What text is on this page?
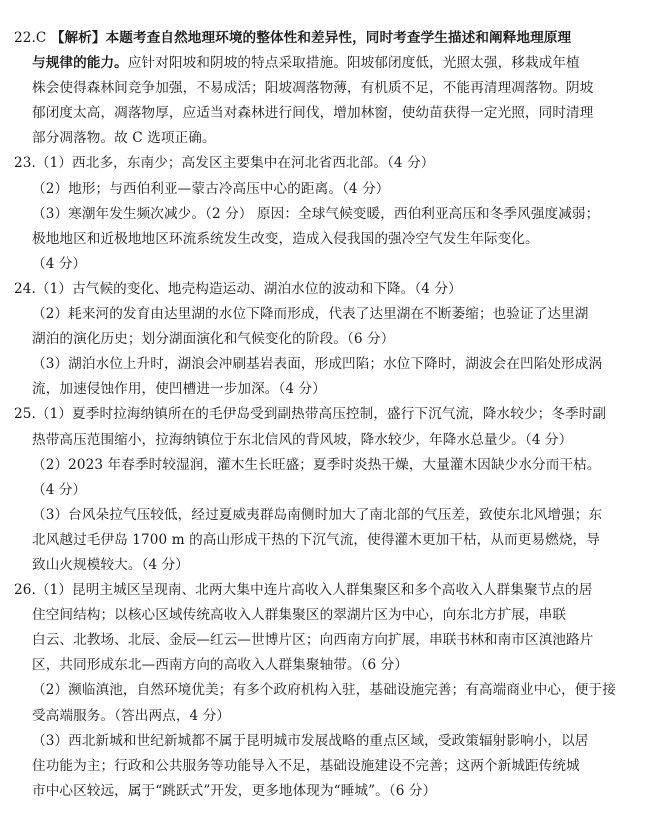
22.C 【解析】本题考查自然地理环境的整体性和差异性，同时考查学生描述和阐释地理原理
与规律的能力。应针对阳坡和阴坡的特点采取措施。阳坡郁闭度低，光照太强，移栽成年植
株会使得森林间竞争加强，不易成活；阳坡凋落物薄，有机质不足，不能再清理凋落物。阴坡
郁闭度太高，凋落物厚，应适当对森林进行间伐，增加林窗，使幼苗获得一定光照，同时清理
部分凋落物。故 C 选项正确。
23.（1）西北多，东南少；高发区主要集中在河北省西北部。（4 分）
（2）地形；与西伯利亚—蒙古冷高压中心的距离。（4 分）
（3）寒潮年发生频次减少。（2 分） 原因：全球气候变暖，西伯利亚高压和冬季风强度减弱；
极地地区和近极地地区环流系统发生改变，造成入侵我国的强冷空气发生年际变化。
（4 分）
24.（1）古气候的变化、地壳构造运动、湖泊水位的波动和下降。（4 分）
（2）耗来河的发育由达里湖的水位下降而形成，代表了达里湖在不断萎缩；也验证了达里湖
湖泊的演化历史；划分湖面演化和气候变化的阶段。（6 分）
（3）湖泊水位上升时，湖浪会冲刷基岩表面，形成凹陷；水位下降时，湖波会在凹陷处形成涡
流，加速侵蚀作用，使凹槽进一步加深。（4 分）
25.（1）夏季时拉海纳镇所在的毛伊岛受到副热带高压控制，盛行下沉气流，降水较少；冬季时副
热带高压范围缩小，拉海纳镇位于东北信风的背风坡，降水较少，年降水总量少。（4 分）
（2）2023 年春季时较湿润，灌木生长旺盛；夏季时炎热干燥，大量灌木因缺少水分而干枯。
（4 分）
（3）台风朵拉气压较低，经过夏威夷群岛南侧时加大了南北部的气压差，致使东北风增强；东
北风越过毛伊岛 1700 m 的高山形成干热的下沉气流，使得灌木更加干枯，从而更易燃烧，导
致山火规模较大。（4 分）
26.（1）昆明主城区呈现南、北两大集中连片高收入人群集聚区和多个高收入人群集聚节点的居
住空间结构；以核心区域传统高收入人群集聚区的翠湖片区为中心，向东北方扩展，串联
白云、北教场、北辰、金辰—红云—世博片区；向西南方向扩展，串联书林和南市区滇池路片
区，共同形成东北—西南方向的高收入人群集聚轴带。（6 分）
（2）濒临滇池，自然环境优美；有多个政府机构入驻，基础设施完善；有高端商业中心，便于接
受高端服务。（答出两点，4 分）
（3）西北新城和世纪新城都不属于昆明城市发展战略的重点区域，受政策辐射影响小，以居
住功能为主；行政和公共服务等功能导入不足，基础设施建设不完善；这两个新城距传统城
市中心区较远，属于“跳跃式”开发，更多地体现为“睡城”。（6 分）
